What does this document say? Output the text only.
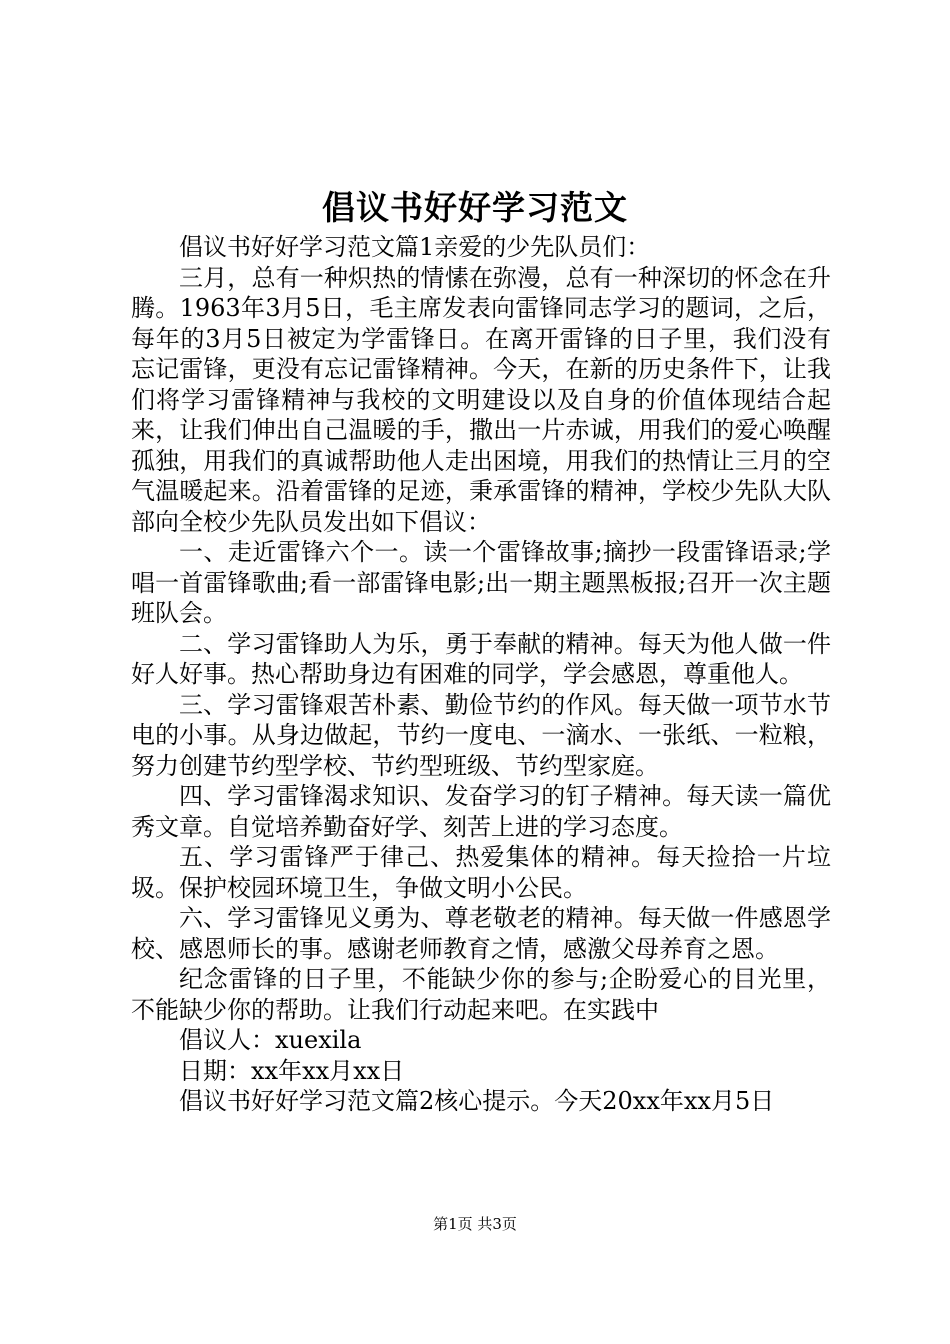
倡议书好好学习范文

倡议书好好学习范文篇1亲爱的少先队员们：

三月，总有一种炽热的情愫在弥漫，总有一种深切的怀念在升腾。1963年3月5日，毛主席发表向雷锋同志学习的题词，之后，每年的3月5日被定为学雷锋日。在离开雷锋的日子里，我们没有忘记雷锋，更没有忘记雷锋精神。今天，在新的历史条件下，让我们将学习雷锋精神与我校的文明建设以及自身的价值体现结合起来，让我们伸出自己温暖的手，撒出一片赤诚，用我们的爱心唤醒孤独，用我们的真诚帮助他人走出困境，用我们的热情让三月的空气温暖起来。沿着雷锋的足迹，秉承雷锋的精神，学校少先队大队部向全校少先队员发出如下倡议：

一、走近雷锋六个一。读一个雷锋故事;摘抄一段雷锋语录;学唱一首雷锋歌曲;看一部雷锋电影;出一期主题黑板报;召开一次主题班队会。

二、学习雷锋助人为乐，勇于奉献的精神。每天为他人做一件好人好事。热心帮助身边有困难的同学，学会感恩，尊重他人。

三、学习雷锋艰苦朴素、勤俭节约的作风。每天做一项节水节电的小事。从身边做起，节约一度电、一滴水、一张纸、一粒粮，努力创建节约型学校、节约型班级、节约型家庭。

四、学习雷锋渴求知识、发奋学习的钉子精神。每天读一篇优秀文章。自觉培养勤奋好学、刻苦上进的学习态度。

五、学习雷锋严于律己、热爱集体的精神。每天捡拾一片垃圾。保护校园环境卫生，争做文明小公民。

六、学习雷锋见义勇为、尊老敬老的精神。每天做一件感恩学校、感恩师长的事。感谢老师教育之情，感激父母养育之恩。

纪念雷锋的日子里，不能缺少你的参与;企盼爱心的目光里，不能缺少你的帮助。让我们行动起来吧。在实践中

倡议人：xuexila

日期：xx年xx月xx日

倡议书好好学习范文篇2核心提示。今天20xx年xx月5日

第1页 共3页
